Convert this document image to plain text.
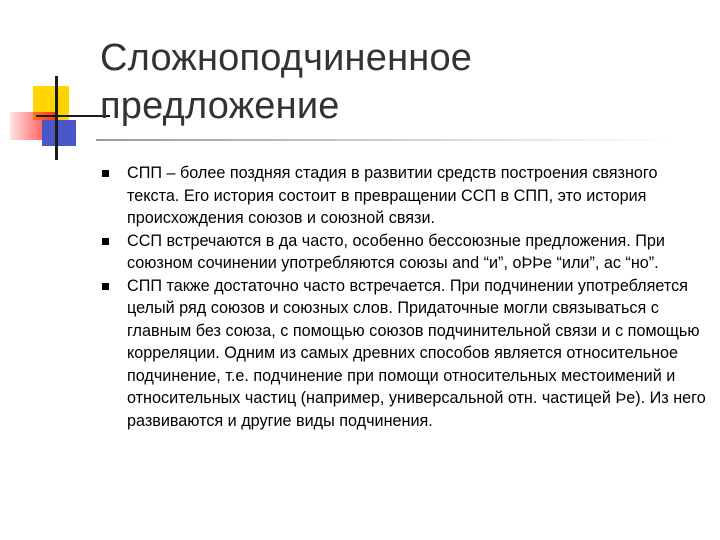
Сложноподчиненное
предложение
СПП – более поздняя стадия в развитии средств построения связного текста. Его история состоит в превращении ССП в СПП, это история происхождения союзов и союзной связи.
ССП встречаются в да часто, особенно бессоюзные предложения. При союзном сочинении употребляются союзы and “и”, oÞÞe “или”, ac “но”.
СПП также достаточно часто встречается. При подчинении употребляется целый ряд союзов и союзных слов. Придаточные могли связываться с главным без союза, с помощью союзов подчинительной связи и с помощью корреляции. Одним из самых древних способов является относительное подчинение, т.е. подчинение при помощи относительных местоимений и относительных частиц (например, универсальной отн. частицей Þe). Из него развиваются и другие виды подчинения.
